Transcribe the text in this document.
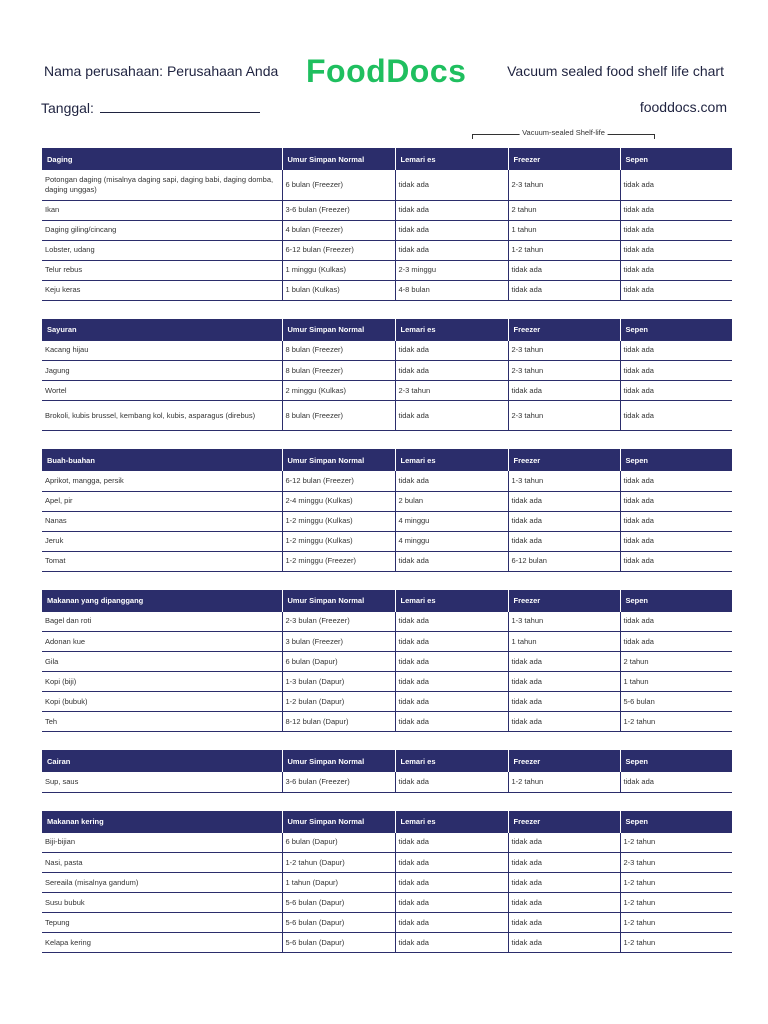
Nama perusahaan: Perusahaan Anda
Tanggal:
FoodDocs	Vacuum sealed food shelf life chart
fooddocs.com
Vacuum-sealed Shelf-life
Daging	Umur Simpan Normal	Lemari es	Freezer	Sepen
Potongan daging (misalnya daging sapi, daging babi, daging domba, daging unggas)	6 bulan (Freezer)	tidak ada	2-3 tahun	tidak ada
Ikan	3-6 bulan (Freezer)	tidak ada	2 tahun	tidak ada
Daging giling/cincang	4 bulan (Freezer)	tidak ada	1 tahun	tidak ada
Lobster, udang	6-12 bulan (Freezer)	tidak ada	1-2 tahun	tidak ada
Telur rebus	1 minggu (Kulkas)	2-3 minggu	tidak ada	tidak ada
Keju keras	1 bulan (Kulkas)	4-8 bulan	tidak ada	tidak ada
Sayuran	Umur Simpan Normal	Lemari es	Freezer	Sepen
Kacang hijau	8 bulan (Freezer)	tidak ada	2-3 tahun	tidak ada
Jagung	8 bulan (Freezer)	tidak ada	2-3 tahun	tidak ada
Wortel	2 minggu (Kulkas)	2-3 tahun	tidak ada	tidak ada
Brokoli, kubis brussel, kembang kol, kubis, asparagus (direbus)	8 bulan (Freezer)	tidak ada	2-3 tahun	tidak ada
Buah-buahan	Umur Simpan Normal	Lemari es	Freezer	Sepen
Aprikot, mangga, persik	6-12 bulan (Freezer)	tidak ada	1-3 tahun	tidak ada
Apel, pir	2-4 minggu (Kulkas)	2 bulan	tidak ada	tidak ada
Nanas	1-2 minggu (Kulkas)	4 minggu	tidak ada	tidak ada
Jeruk	1-2 minggu (Kulkas)	4 minggu	tidak ada	tidak ada
Tomat	1-2 minggu (Freezer)	tidak ada	6-12 bulan	tidak ada
Makanan yang dipanggang	Umur Simpan Normal	Lemari es	Freezer	Sepen
Bagel dan roti	2-3 bulan (Freezer)	tidak ada	1-3 tahun	tidak ada
Adonan kue	3 bulan (Freezer)	tidak ada	1 tahun	tidak ada
Gila	6 bulan (Dapur)	tidak ada	tidak ada	2 tahun
Kopi (biji)	1-3 bulan (Dapur)	tidak ada	tidak ada	1 tahun
Kopi (bubuk)	1-2 bulan (Dapur)	tidak ada	tidak ada	5-6 bulan
Teh	8-12 bulan (Dapur)	tidak ada	tidak ada	1-2 tahun
Cairan	Umur Simpan Normal	Lemari es	Freezer	Sepen
Sup, saus	3-6 bulan (Freezer)	tidak ada	1-2 tahun	tidak ada
Makanan kering	Umur Simpan Normal	Lemari es	Freezer	Sepen
Biji-bijian	6 bulan (Dapur)	tidak ada	tidak ada	1-2 tahun
Nasi, pasta	1-2 tahun (Dapur)	tidak ada	tidak ada	2-3 tahun
Sereaila (misalnya gandum)	1 tahun (Dapur)	tidak ada	tidak ada	1-2 tahun
Susu bubuk	5-6 bulan (Dapur)	tidak ada	tidak ada	1-2 tahun
Tepung	5-6 bulan (Dapur)	tidak ada	tidak ada	1-2 tahun
Kelapa kering	5-6 bulan (Dapur)	tidak ada	tidak ada	1-2 tahun
